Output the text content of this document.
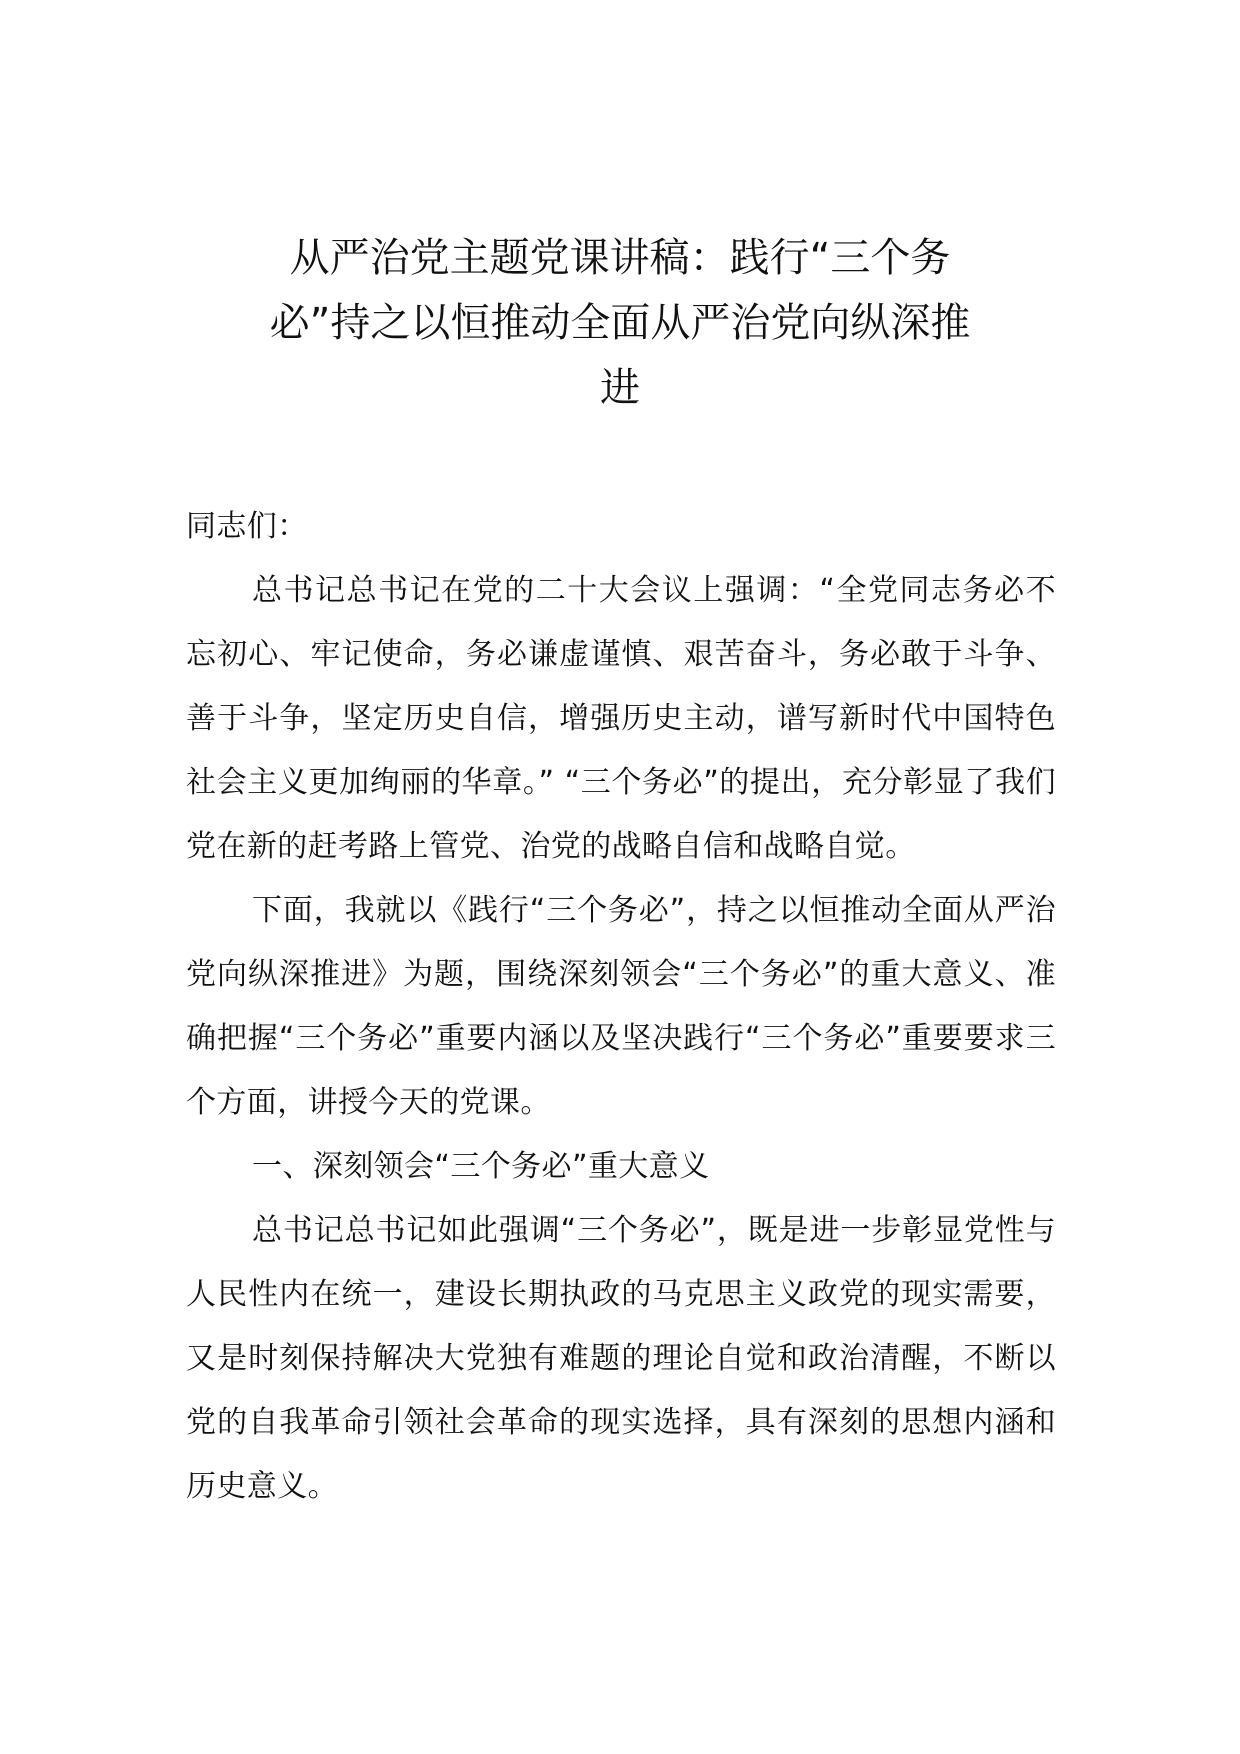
从严治党主题党课讲稿：践行“三个务
必”持之以恒推动全面从严治党向纵深推
进

同志们：

总书记总书记在党的二十大会议上强调：“全党同志务必不忘初心、牢记使命，务必谦虚谨慎、艰苦奋斗，务必敢于斗争、善于斗争，坚定历史自信，增强历史主动，谱写新时代中国特色社会主义更加绚丽的华章。” “三个务必”的提出，充分彰显了我们党在新的赶考路上管党、治党的战略自信和战略自觉。

下面，我就以《践行“三个务必”，持之以恒推动全面从严治党向纵深推进》为题，围绕深刻领会“三个务必”的重大意义、准确把握“三个务必”重要内涵以及坚决践行“三个务必”重要要求三个方面，讲授今天的党课。

一、深刻领会“三个务必”重大意义

总书记总书记如此强调“三个务必”，既是进一步彰显党性与人民性内在统一，建设长期执政的马克思主义政党的现实需要，又是时刻保持解决大党独有难题的理论自觉和政治清醒，不断以党的自我革命引领社会革命的现实选择，具有深刻的思想内涵和历史意义。
